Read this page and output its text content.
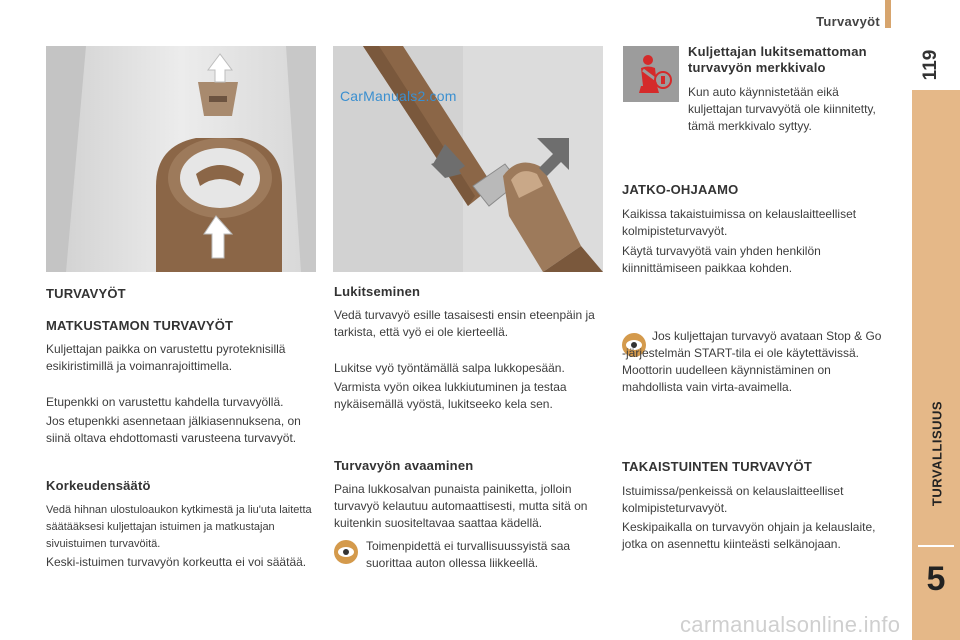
Turvavyöt
119
TURVALLISUUS
5
CarManuals2.com
TURVAVYÖT
MATKUSTAMON TURVAVYÖT

Kuljettajan paikka on varustettu pyroteknisillä esikiristimillä ja voimanrajoittimella.

Etupenkki on varustettu kahdella turvavyöllä.

Jos etupenkki asennetaan jälkiasennuksena, on siinä oltava ehdottomasti varusteena turvavyöt.

Korkeudensäätö

Vedä hihnan ulostuloaukon kytkimestä ja liu'uta laitetta säätääksesi kuljettajan istuimen ja matkustajan sivuistuimen turvavöitä.

Keski-istuimen turvavyön korkeutta ei voi säätää.

Lukitseminen

Vedä turvavyö esille tasaisesti ensin eteenpäin ja tarkista, että vyö ei ole kierteellä.

Lukitse vyö työntämällä salpa lukkopesään.

Varmista vyön oikea lukkiutuminen ja testaa nykäisemällä vyöstä, lukitseeko kela sen.

Turvavyön avaaminen

Paina lukkosalvan punaista painiketta, jolloin turvavyö kelautuu automaattisesti, mutta sitä on kuitenkin suositeltavaa saattaa kädellä.

Toimenpidettä ei turvallisuussyistä saa suorittaa auton ollessa liikkeellä.

Kuljettajan lukitsemattoman turvavyön merkkivalo

Kun auto käynnistetään eikä kuljettajan turvavyötä ole kiinnitetty, tämä merkkivalo syttyy.

JATKO-OHJAAMO

Kaikissa takaistuimissa on kelauslaitteelliset kolmipisteturvavyöt.

Käytä turvavyötä vain yhden henkilön kiinnittämiseen paikkaa kohden.

Jos kuljettajan turvavyö avataan Stop & Go -järjestelmän START-tila ei ole käytettävissä. Moottorin uudelleen käynnistäminen on mahdollista vain virta-avaimella.

TAKAISTUINTEN TURVAVYÖT

Istuimissa/penkeissä on kelauslaitteelliset kolmipisteturvavyöt.

Keskipaikalla on turvavyön ohjain ja kelauslaite, jotka on asennettu kiinteästi selkänojaan.

carmanualsonline.info
